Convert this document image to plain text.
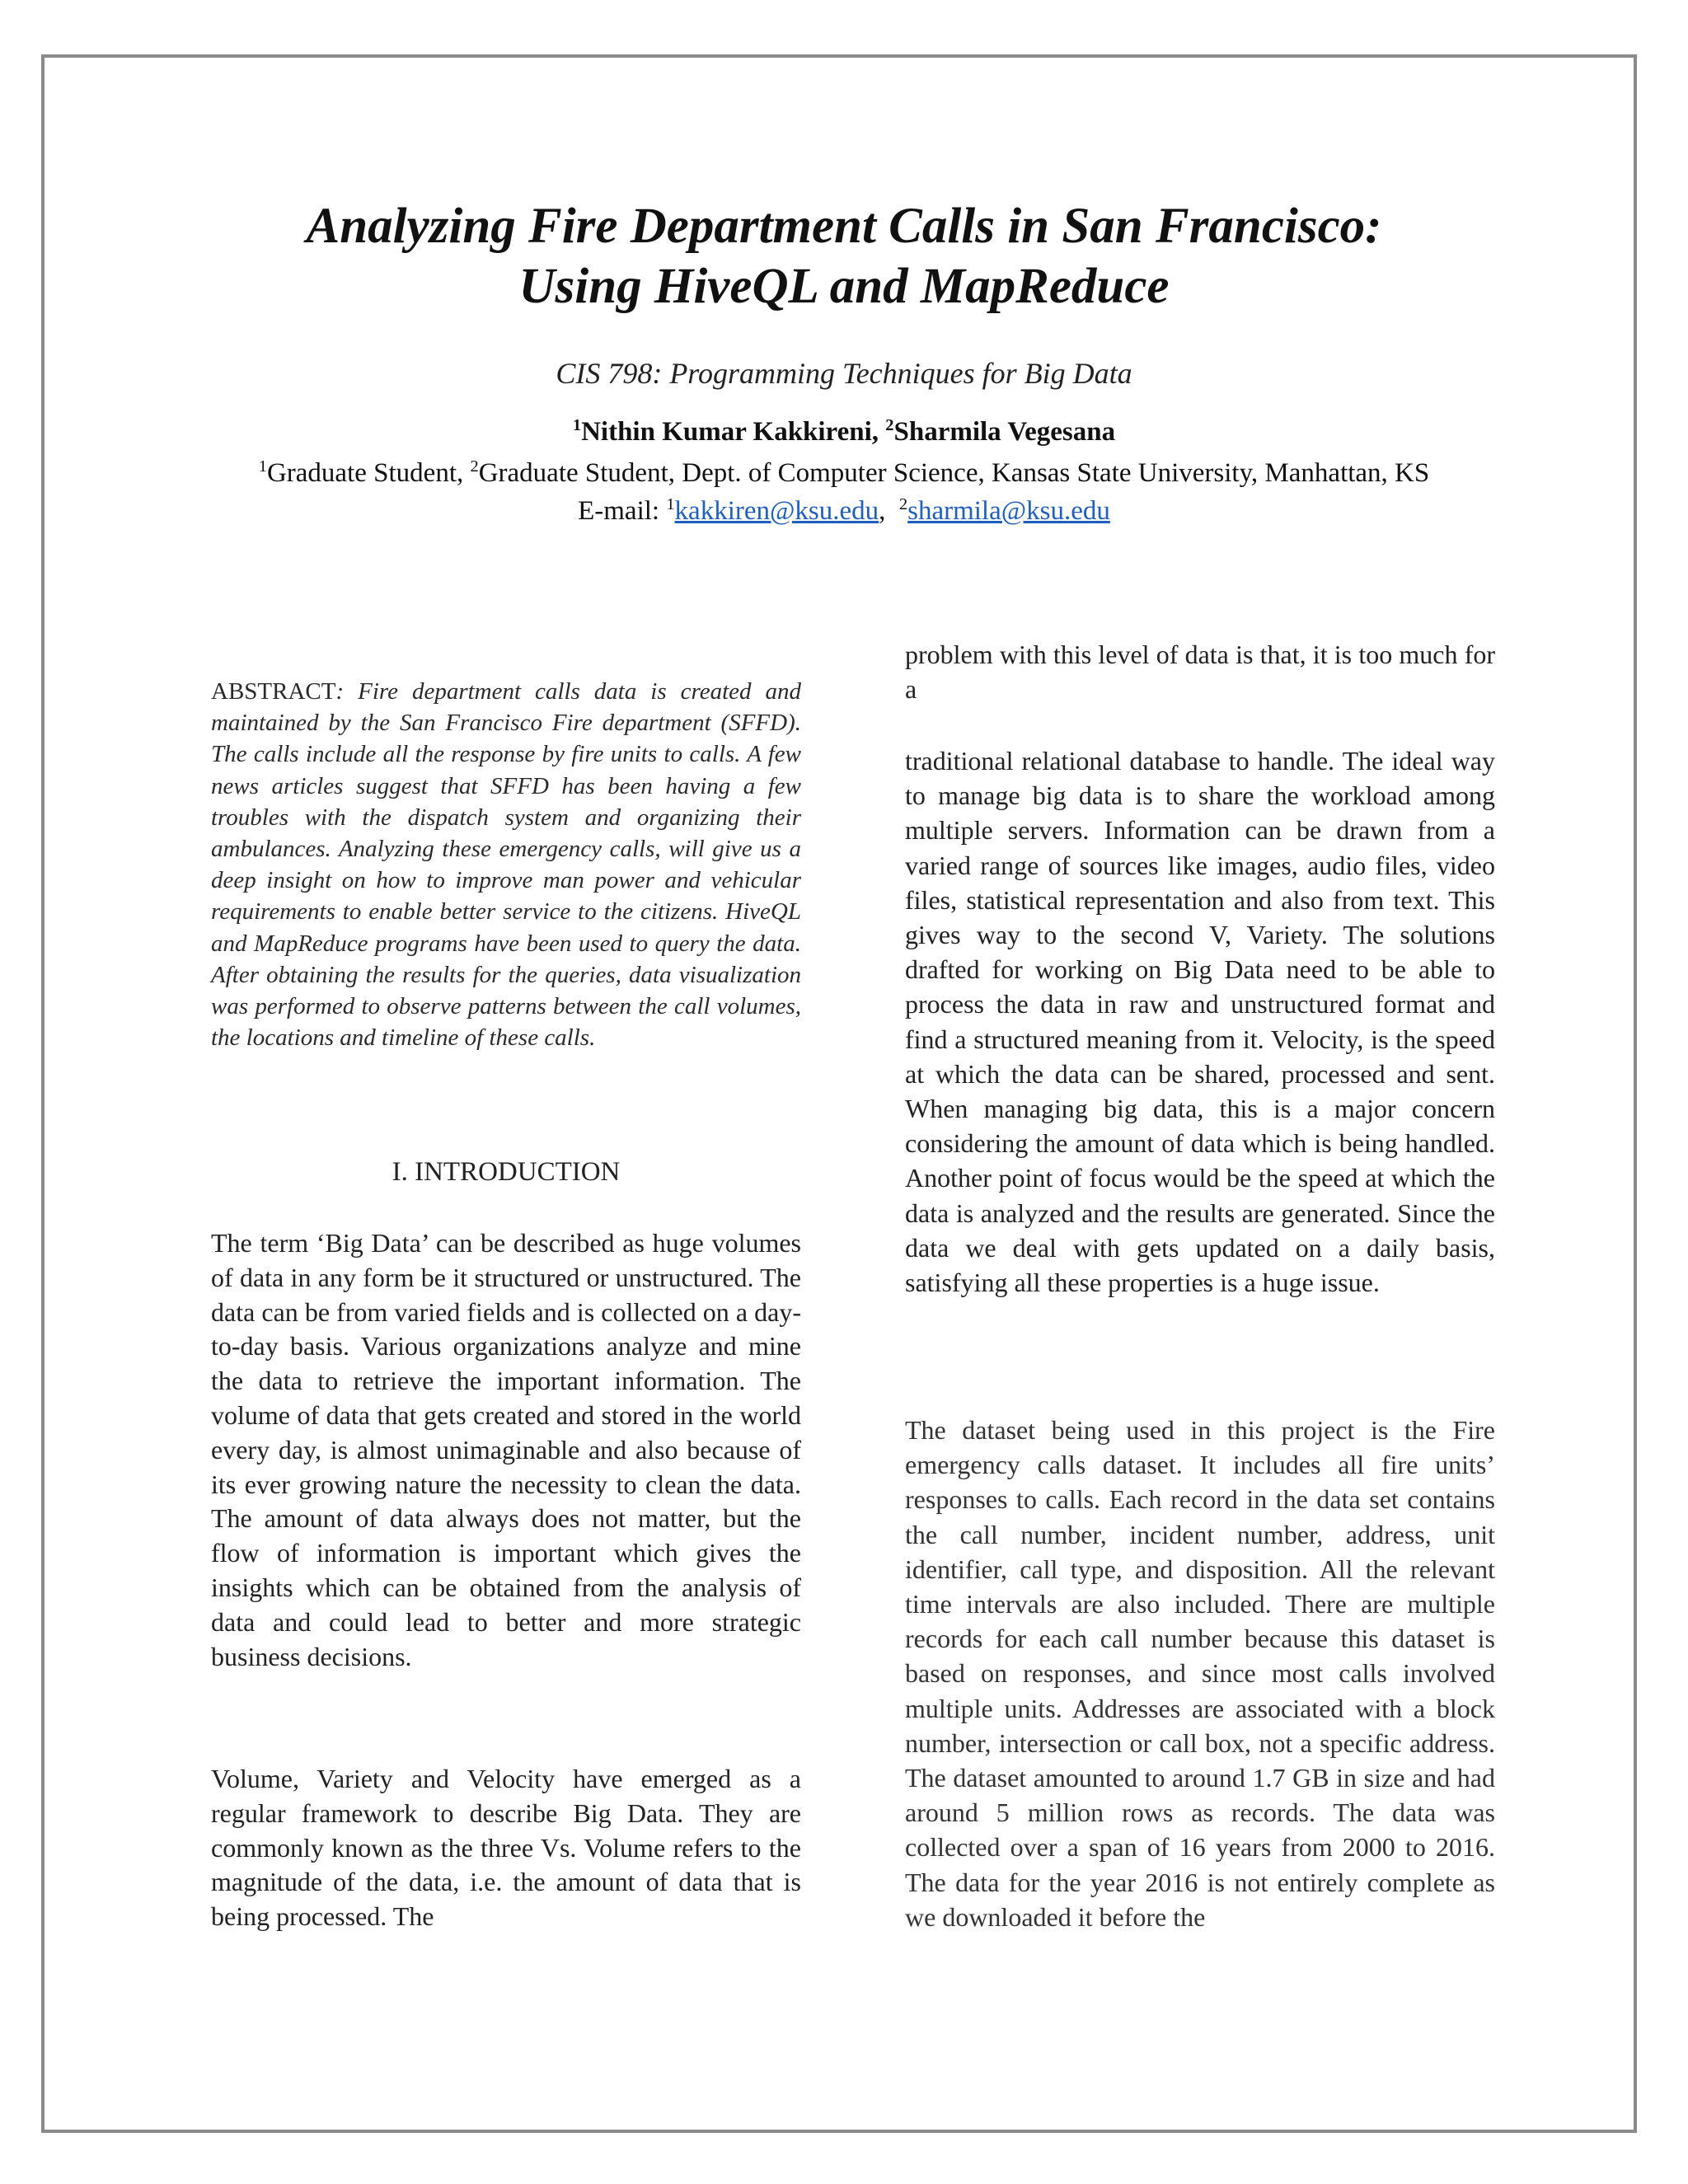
Analyzing Fire Department Calls in San Francisco:
Using HiveQL and MapReduce
CIS 798: Programming Techniques for Big Data
$^1$Nithin Kumar Kakkireni, $^2$Sharmila Vegesana
$^1$Graduate Student, $^2$Graduate Student, Dept. of Computer Science, Kansas State University, Manhattan, KS
E-mail: $^1$kakkiren@ksu.edu,  $^2$sharmila@ksu.edu
ABSTRACT: Fire department calls data is created and maintained by the San Francisco Fire department (SFFD). The calls include all the response by fire units to calls. A few news articles suggest that SFFD has been having a few troubles with the dispatch system and organizing their ambulances. Analyzing these emergency calls, will give us a deep insight on how to improve man power and vehicular requirements to enable better service to the citizens. HiveQL and MapReduce programs have been used to query the data. After obtaining the results for the queries, data visualization was performed to observe patterns between the call volumes, the locations and timeline of these calls.
I. INTRODUCTION

The term ‘Big Data’ can be described as huge volumes of data in any form be it structured or unstructured. The data can be from varied fields and is collected on a day-to-day basis. Various organizations analyze and mine the data to retrieve the important information. The volume of data that gets created and stored in the world every day, is almost unimaginable and also because of its ever growing nature the necessity to clean the data. The amount of data always does not matter, but the flow of information is important which gives the insights which can be obtained from the analysis of data and could lead to better and more strategic business decisions.

Volume, Variety and Velocity have emerged as a regular framework to describe Big Data. They are commonly known as the three Vs. Volume refers to the magnitude of the data, i.e. the amount of data that is being processed. The

problem with this level of data is that, it is too much for a

traditional relational database to handle. The ideal way to manage big data is to share the workload among multiple servers. Information can be drawn from a varied range of sources like images, audio files, video files, statistical representation and also from text. This gives way to the second V, Variety. The solutions drafted for working on Big Data need to be able to process the data in raw and unstructured format and find a structured meaning from it. Velocity, is the speed at which the data can be shared, processed and sent. When managing big data, this is a major concern considering the amount of data which is being handled. Another point of focus would be the speed at which the data is analyzed and the results are generated. Since the data we deal with gets updated on a daily basis, satisfying all these properties is a huge issue.

The dataset being used in this project is the Fire emergency calls dataset. It includes all fire units’ responses to calls. Each record in the data set contains the call number, incident number, address, unit identifier, call type, and disposition. All the relevant time intervals are also included. There are multiple records for each call number because this dataset is based on responses, and since most calls involved multiple units. Addresses are associated with a block number, intersection or call box, not a specific address. The dataset amounted to around 1.7 GB in size and had around 5 million rows as records. The data was collected over a span of 16 years from 2000 to 2016. The data for the year 2016 is not entirely complete as we downloaded it before the
